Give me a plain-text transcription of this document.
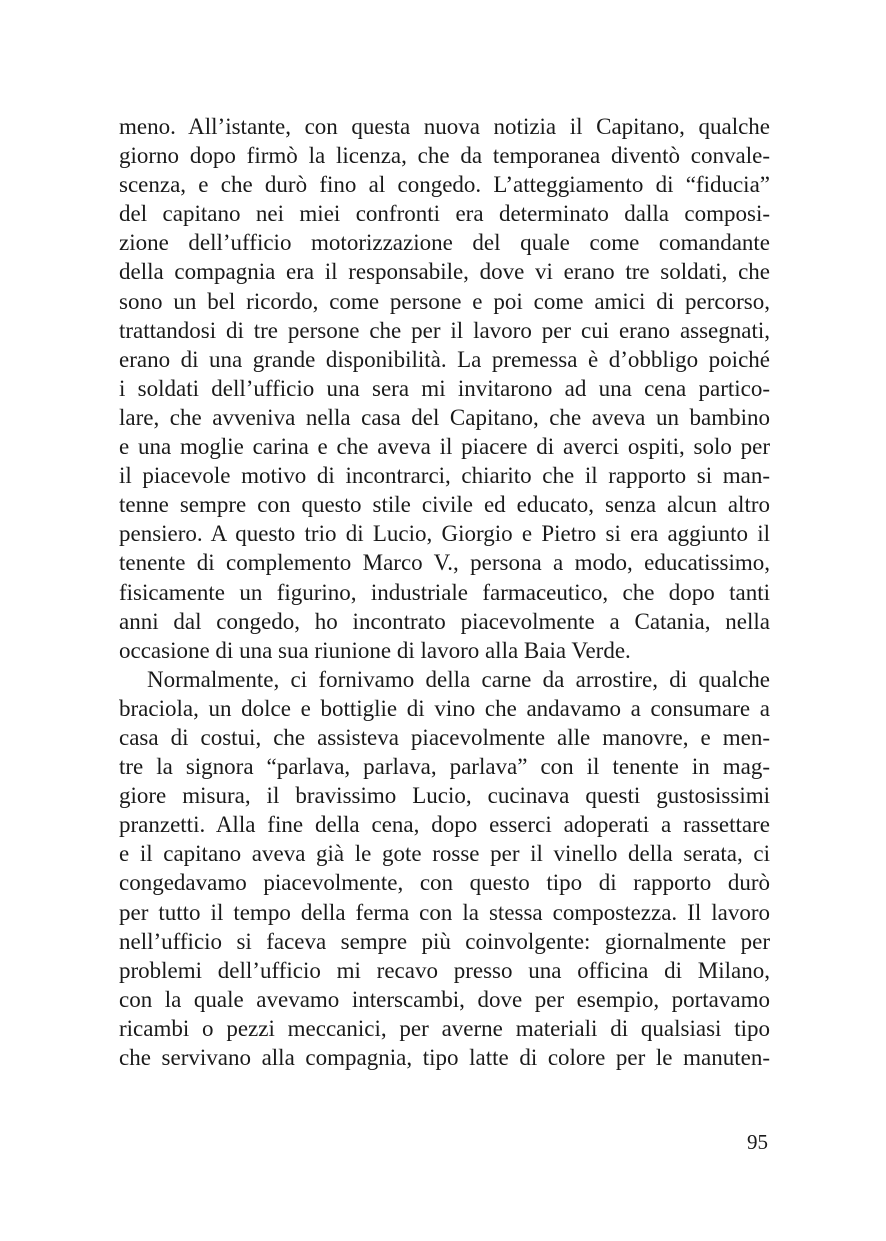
meno. All’istante, con questa nuova notizia il Capitano, qualche
giorno dopo firmò la licenza, che da temporanea diventò convale-
scenza, e che durò fino al congedo. L’atteggiamento di “fiducia”
del capitano nei miei confronti era determinato dalla composi-
zione dell’ufficio motorizzazione del quale come comandante
della compagnia era il responsabile, dove vi erano tre soldati, che
sono un bel ricordo, come persone e poi come amici di percorso,
trattandosi di tre persone che per il lavoro per cui erano assegnati,
erano di una grande disponibilità. La premessa è d’obbligo poiché
i soldati dell’ufficio una sera mi invitarono ad una cena partico-
lare, che avveniva nella casa del Capitano, che aveva un bambino
e una moglie carina e che aveva il piacere di averci ospiti, solo per
il piacevole motivo di incontrarci, chiarito che il rapporto si man-
tenne sempre con questo stile civile ed educato, senza alcun altro
pensiero. A questo trio di Lucio, Giorgio e Pietro si era aggiunto il
tenente di complemento Marco V., persona a modo, educatissimo,
fisicamente un figurino, industriale farmaceutico, che dopo tanti
anni dal congedo, ho incontrato piacevolmente a Catania, nella
occasione di una sua riunione di lavoro alla Baia Verde.
Normalmente, ci fornivamo della carne da arrostire, di qualche
braciola, un dolce e bottiglie di vino che andavamo a consumare a
casa di costui, che assisteva piacevolmente alle manovre, e men-
tre la signora “parlava, parlava, parlava” con il tenente in mag-
giore misura, il bravissimo Lucio, cucinava questi gustosissimi
pranzetti. Alla fine della cena, dopo esserci adoperati a rassettare
e il capitano aveva già le gote rosse per il vinello della serata, ci
congedavamo piacevolmente, con questo tipo di rapporto durò
per tutto il tempo della ferma con la stessa compostezza. Il lavoro
nell’ufficio si faceva sempre più coinvolgente: giornalmente per
problemi dell’ufficio mi recavo presso una officina di Milano,
con la quale avevamo interscambi, dove per esempio, portavamo
ricambi o pezzi meccanici, per averne materiali di qualsiasi tipo
che servivano alla compagnia, tipo latte di colore per le manuten-
95
